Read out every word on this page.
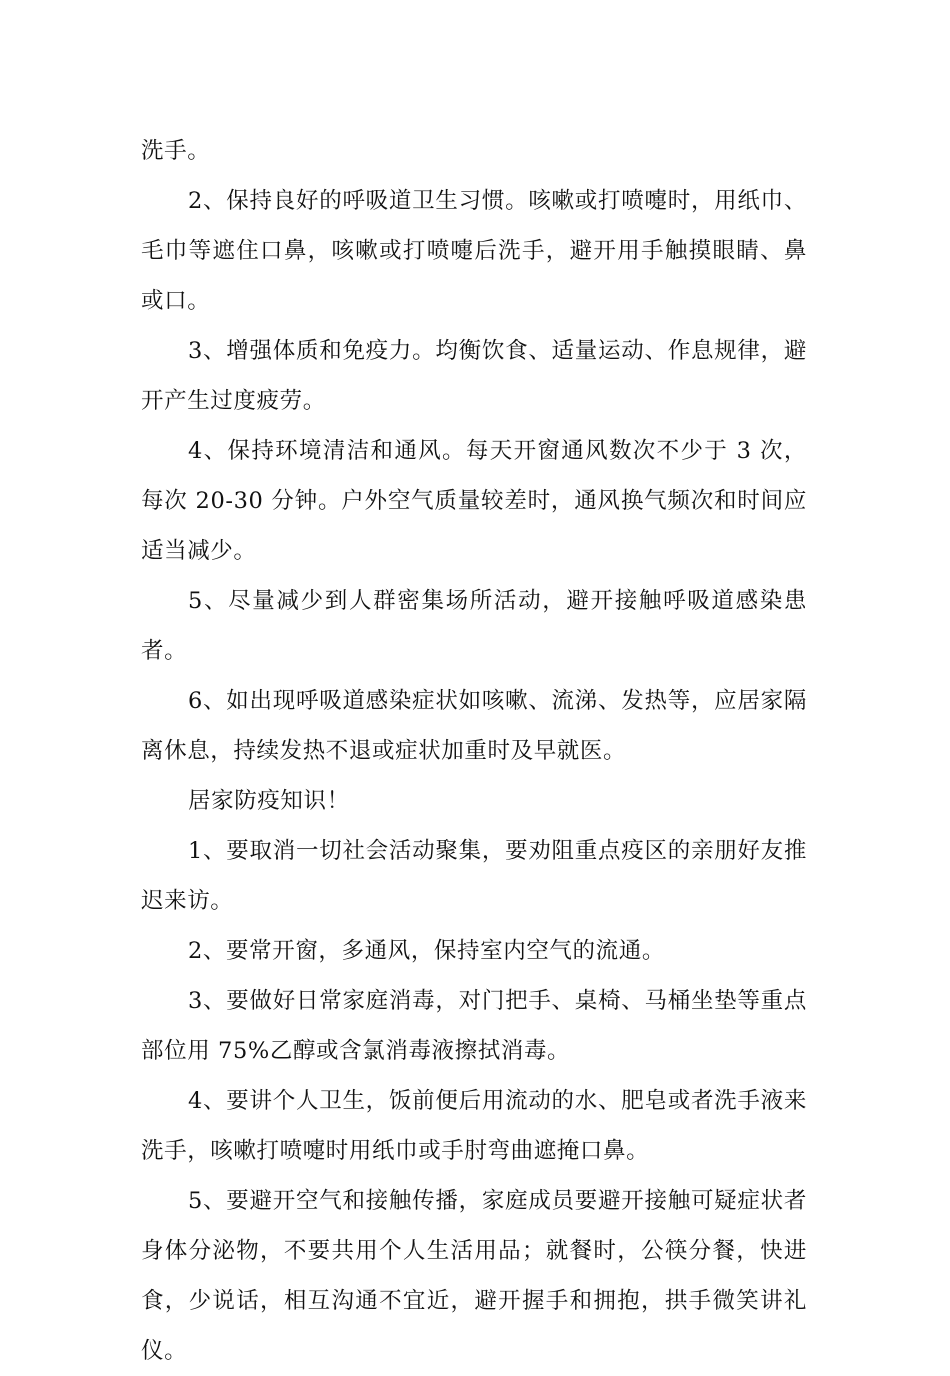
洗手。

2、保持良好的呼吸道卫生习惯。咳嗽或打喷嚏时，用纸巾、毛巾等遮住口鼻，咳嗽或打喷嚏后洗手，避开用手触摸眼睛、鼻或口。

3、增强体质和免疫力。均衡饮食、适量运动、作息规律，避开产生过度疲劳。

4、保持环境清洁和通风。每天开窗通风数次不少于 3 次，每次 20-30 分钟。户外空气质量较差时，通风换气频次和时间应适当减少。

5、尽量减少到人群密集场所活动，避开接触呼吸道感染患者。

6、如出现呼吸道感染症状如咳嗽、流涕、发热等，应居家隔离休息，持续发热不退或症状加重时及早就医。

居家防疫知识！

1、要取消一切社会活动聚集，要劝阻重点疫区的亲朋好友推迟来访。

2、要常开窗，多通风，保持室内空气的流通。

3、要做好日常家庭消毒，对门把手、桌椅、马桶坐垫等重点部位用 75%乙醇或含氯消毒液擦拭消毒。

4、要讲个人卫生，饭前便后用流动的水、肥皂或者洗手液来洗手，咳嗽打喷嚏时用纸巾或手肘弯曲遮掩口鼻。

5、要避开空气和接触传播，家庭成员要避开接触可疑症状者身体分泌物，不要共用个人生活用品；就餐时，公筷分餐，快进食，少说话，相互沟通不宜近，避开握手和拥抱，拱手微笑讲礼仪。
